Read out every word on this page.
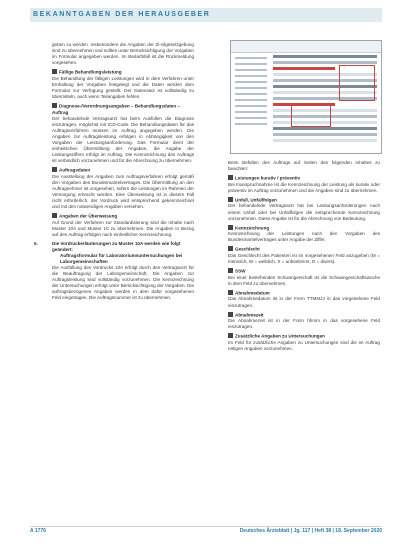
BEKANNTGABEN DER HERAUSGEBER

geben zu werden. Insbesondere die Angaben der Zi-vilgesetzgebung sind zu übernehmen und sollten unter Berücksichtigung der Vorgaben im Formular angegeben werden. Im Bedarfsfall ist die Rückmeldung vorgesehen.

Fällige Behandlungsleistung

Die Behandlung der fälligen Leistungen wird in dem Verfahren unter Einhaltung der Vorgaben festgelegt und die Daten werden dem Formular zur Verfügung gestellt. Der Datensatz ist vollständig zu übermitteln, auch wenn Teilangaben fehlen.

Diagnose-/Verordnungsangaben – Behandlungsdaten – Auftrag

Der behandelnde Vertragsarzt hat beim Ausfüllen die Diagnose einzutragen, möglichst mit ICD-Code. Die Behandlungsdaten für das Auftragsverfahren müssen im Auftrag angegeben werden. Die Angaben zur Auftragsleistung erfolgen in Abhängigkeit von den Vorgaben der Leistungsanforderung. Das Formular dient der einheitlichen Übermittlung der Angaben, die Angabe der Leistungsziffern erfolgt im Auftrag. Die Kennzeichnung des Auftrags ist verbindlich vorzunehmen und für die Abrechnung zu übernehmen.

Auftragsdaten

Die Ausstellung der Angaben zum Auftragsverfahren erfolgt gemäß den Vorgaben des Bundesmantelvertrages. Die Übermittlung an den Auftragnehmer ist vorgesehen, sofern die Leistungen im Rahmen der Versorgung erbracht werden. Eine Überweisung ist in diesem Fall nicht erforderlich, der Vordruck wird entsprechend gekennzeichnet und mit den notwendigen Angaben versehen.

Angaben der Überweisung

Auf Grund der Verfahren zur Standardisierung sind die Inhalte nach Muster 10A und Muster 10 zu übernehmen. Die Angaben in Bezug auf den Auftrag erfolgen nach einheitlicher Kennzeichnung.

6.	Die Vordruckerläuterungen zu Muster 10A werden wie folgt geändert:
Auftragsformular für Laboratoriumsuntersuchungen bei Laborgemeinschaften

Die Ausfüllung des Vordrucks 10A erfolgt durch den Vertragsarzt für die Beauftragung der Laborgemeinschaft. Die Angaben zur Auftragsleistung sind vollständig vorzunehmen. Die Kennzeichnung der Untersuchungen erfolgt unter Berücksichtigung der Vorgaben. Die auftragsbezogenen Angaben werden in dem dafür vorgesehenen Feld eingetragen. Die Auftragsnummer ist zu übernehmen.

Beim Befüllen des Auftrags auf Seiten des folgenden Inhaltes zu beachten:

Leistungen kurativ / präventiv

Bei Inanspruchnahme ist die Kennzeichnung der Leistung als kurativ oder präventiv im Auftrag vorzunehmen und die Angaben sind zu übernehmen.

Unfall, Unfallfolgen

Der behandelnde Vertragsarzt hat bei Leistungsanforderungen nach einem Unfall oder bei Unfallfolgen die entsprechende Kennzeichnung vorzunehmen. Diese Angabe ist für die Abrechnung von Bedeutung.

Kennzeichnung

Kennzeichnung der Leistungen nach den Vorgaben des Bundesmantelvertrages unter Angabe der Ziffer.

Geschlecht

Das Geschlecht des Patienten ist im vorgesehenen Feld anzugeben (M = männlich, W = weiblich, X = unbestimmt, D = divers).

SSW

Bei einer bestehenden Schwangerschaft ist die Schwangerschaftswoche in dem Feld zu übernehmen.

Abnahmedatum

Das Abnahmedatum ist in der Form TTMMJJ in das vorgesehene Feld einzutragen.

Abnahmezeit

Die Abnahmezeit ist in der Form hhmm in das vorgesehene Feld einzutragen.

Zusätzliche Angaben zu Untersuchungen

Im Feld für zusätzliche Angaben zu Untersuchungen sind die im Auftrag nötigen Angaben vorzunehmen.

A 1776	Deutsches Ärzteblatt | Jg. 117 | Heft 38 | 18. September 2020
